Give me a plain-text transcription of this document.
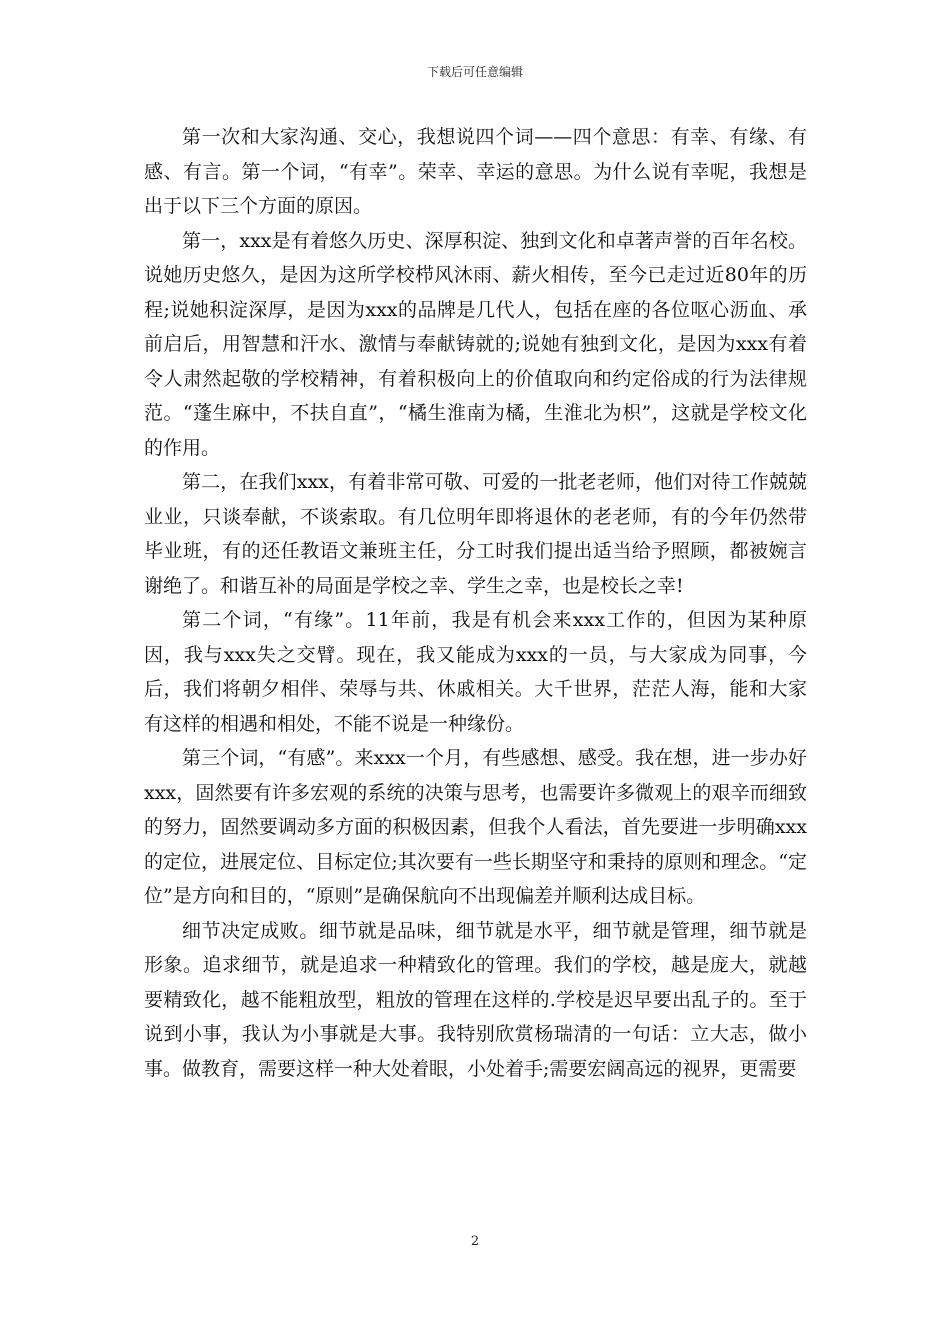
下载后可任意编辑

第一次和大家沟通、交心，我想说四个词——四个意思：有幸、有缘、有感、有言。第一个词，“有幸”。荣幸、幸运的意思。为什么说有幸呢，我想是出于以下三个方面的原因。

第一，xxx是有着悠久历史、深厚积淀、独到文化和卓著声誉的百年名校。说她历史悠久，是因为这所学校栉风沐雨、薪火相传，至今已走过近80年的历程;说她积淀深厚，是因为xxx的品牌是几代人，包括在座的各位呕心沥血、承前启后，用智慧和汗水、激情与奉献铸就的;说她有独到文化，是因为xxx有着令人肃然起敬的学校精神，有着积极向上的价值取向和约定俗成的行为法律规范。“蓬生麻中，不扶自直”，“橘生淮南为橘，生淮北为枳”，这就是学校文化的作用。

第二，在我们xxx，有着非常可敬、可爱的一批老老师，他们对待工作兢兢业业，只谈奉献，不谈索取。有几位明年即将退休的老老师，有的今年仍然带毕业班，有的还任教语文兼班主任，分工时我们提出适当给予照顾，都被婉言谢绝了。和谐互补的局面是学校之幸、学生之幸，也是校长之幸!

第二个词，“有缘”。11年前，我是有机会来xxx工作的，但因为某种原因，我与xxx失之交臂。现在，我又能成为xxx的一员，与大家成为同事，今后，我们将朝夕相伴、荣辱与共、休戚相关。大千世界，茫茫人海，能和大家有这样的相遇和相处，不能不说是一种缘份。

第三个词，“有感”。来xxx一个月，有些感想、感受。我在想，进一步办好xxx，固然要有许多宏观的系统的决策与思考，也需要许多微观上的艰辛而细致的努力，固然要调动多方面的积极因素，但我个人看法，首先要进一步明确xxx的定位，进展定位、目标定位;其次要有一些长期坚守和秉持的原则和理念。“定位”是方向和目的，“原则”是确保航向不出现偏差并顺利达成目标。

细节决定成败。细节就是品味，细节就是水平，细节就是管理，细节就是形象。追求细节，就是追求一种精致化的管理。我们的学校，越是庞大，就越要精致化，越不能粗放型，粗放的管理在这样的.学校是迟早要出乱子的。至于说到小事，我认为小事就是大事。我特别欣赏杨瑞清的一句话：立大志，做小事。做教育，需要这样一种大处着眼，小处着手;需要宏阔高远的视界，更需要

2
